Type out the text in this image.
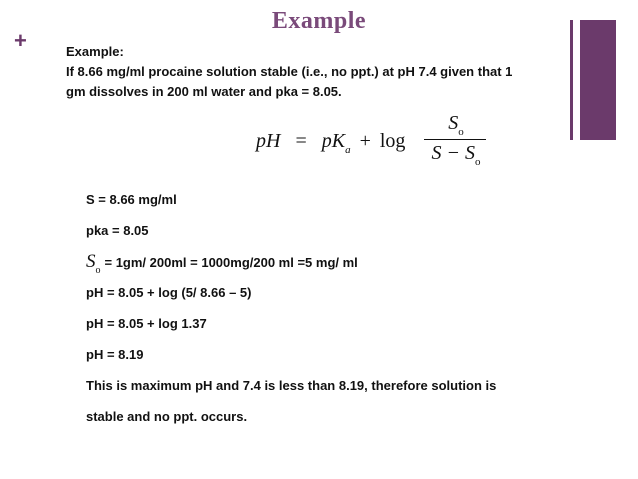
+
Example
Example:
If 8.66 mg/ml procaine solution stable (i.e., no ppt.) at pH 7.4 given that 1
gm dissolves in 200 ml water and pka = 8.05.
pH = $pK_a + \log$
$S_o$
$S - S_o$
S = 8.66 mg/ml
pka = 8.05
$S_o= 1gm/$ 200ml = 1000mg/200 ml =5 mg/ ml
pH = 8.05 + log (5/ 8.66 – 5)
pH = 8.05 + log 1.37
pH = 8.19
This is maximum pH and 7.4 is less than 8.19, therefore solution is
stable and no ppt. occurs.
